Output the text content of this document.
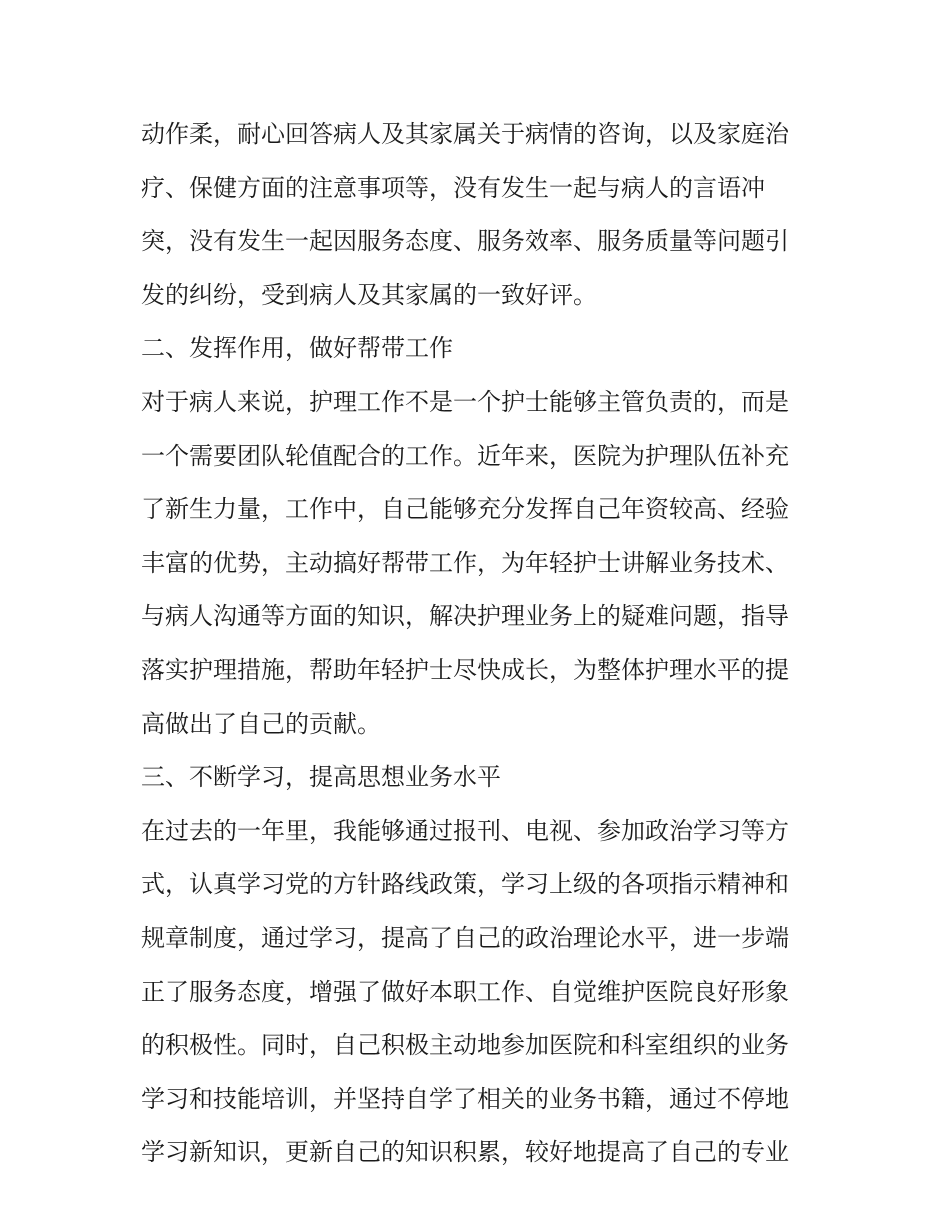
动作柔，耐心回答病人及其家属关于病情的咨询，以及家庭治
疗、保健方面的注意事项等，没有发生一起与病人的言语冲
突，没有发生一起因服务态度、服务效率、服务质量等问题引
发的纠纷，受到病人及其家属的一致好评。
二、发挥作用，做好帮带工作
对于病人来说，护理工作不是一个护士能够主管负责的，而是
一个需要团队轮值配合的工作。近年来，医院为护理队伍补充
了新生力量，工作中，自己能够充分发挥自己年资较高、经验
丰富的优势，主动搞好帮带工作，为年轻护士讲解业务技术、
与病人沟通等方面的知识，解决护理业务上的疑难问题，指导
落实护理措施，帮助年轻护士尽快成长，为整体护理水平的提
高做出了自己的贡献。
三、不断学习，提高思想业务水平
在过去的一年里，我能够通过报刊、电视、参加政治学习等方
式，认真学习党的方针路线政策，学习上级的各项指示精神和
规章制度，通过学习，提高了自己的政治理论水平，进一步端
正了服务态度，增强了做好本职工作、自觉维护医院良好形象
的积极性。同时，自己积极主动地参加医院和科室组织的业务
学习和技能培训，并坚持自学了相关的业务书籍，通过不停地
学习新知识，更新自己的知识积累，较好地提高了自己的专业
